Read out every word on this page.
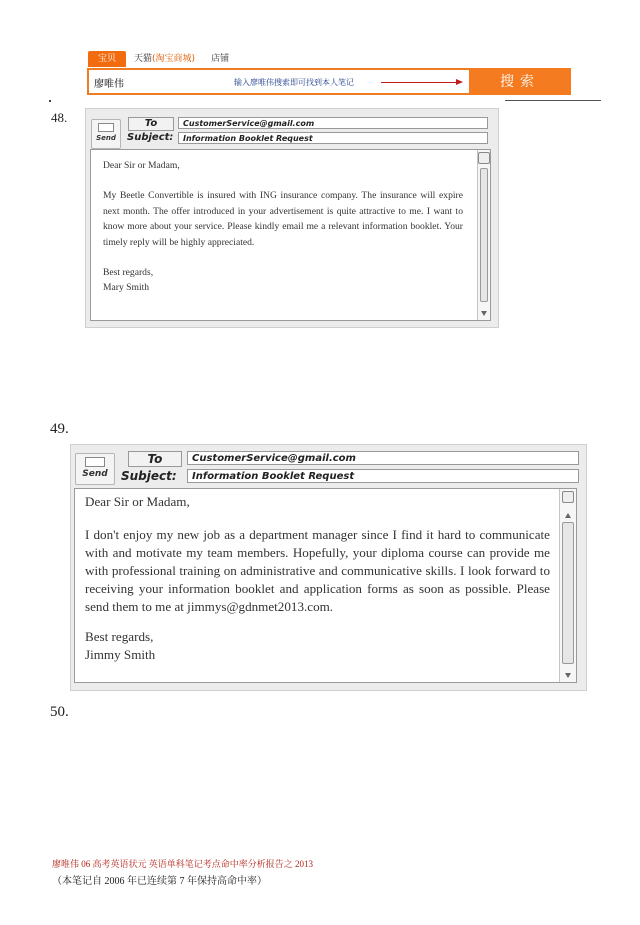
宝贝	天猫(淘宝商城)	店铺
廖唯伟	输入廖唯伟搜索即可找到本人笔记	搜索
48.
Send
To	CustomerService@gmail.com
Subject:	Information Booklet Request

Dear Sir or Madam,

My Beetle Convertible is insured with ING insurance company. The insurance will expire next month. The offer introduced in your advertisement is quite attractive to me. I want to know more about your service. Please kindly email me a relevant information booklet. Your timely reply will be highly appreciated.

Best regards,

Mary Smith

49.
Send
To	CustomerService@gmail.com
Subject:	Information Booklet Request

Dear Sir or Madam,

I don't enjoy my new job as a department manager since I find it hard to communicate with and motivate my team members. Hopefully, your diploma course can provide me with professional training on administrative and communicative skills. I look forward to receiving your information booklet and application forms as soon as possible. Please send them to me at jimmys@gdnmet2013.com.

Best regards,

Jimmy Smith

50.
廖唯伟 06 高考英语状元 英语单科笔记考点命中率分析报告之 2013
（本笔记自 2006 年已连续第 7 年保持高命中率）
